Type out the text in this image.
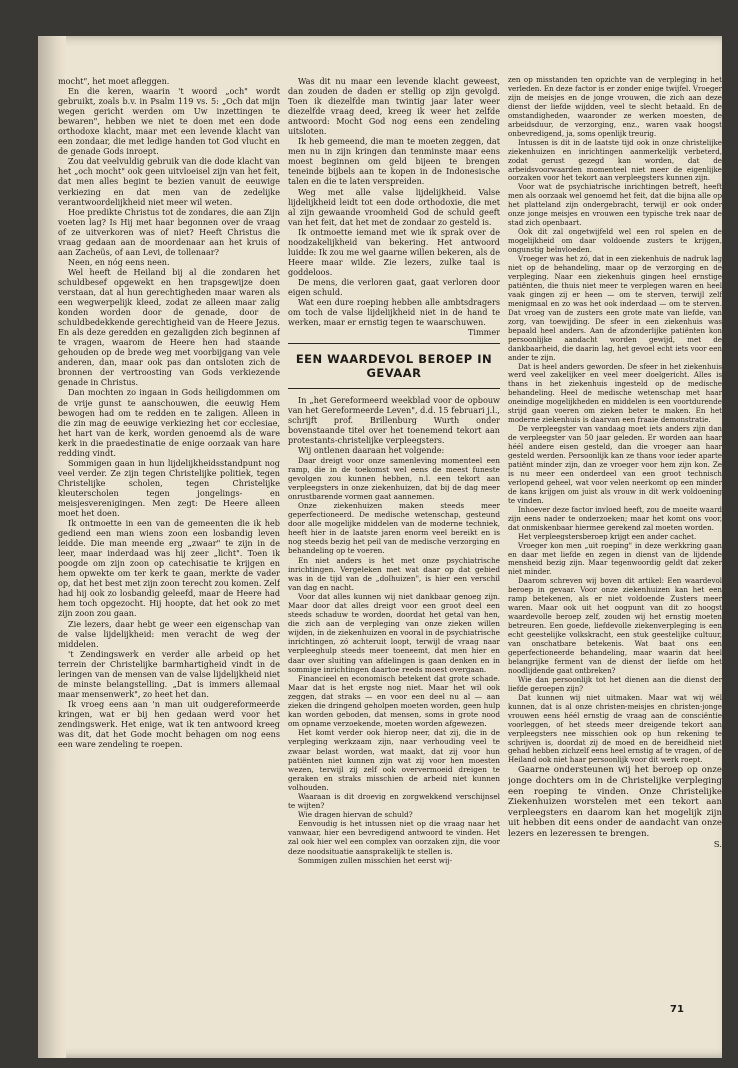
mocht", het moet afleggen.

En die keren, waarin 't woord „och" wordt gebruikt, zoals b.v. in Psalm 119 vs. 5: „Och dat mijn wegen gericht werden om Uw inzettingen te bewaren", hebben we niet te doen met een dode orthodoxe klacht, maar met een levende klacht van een zondaar, die met ledige handen tot God vlucht en de genade Gods inroept.

Zou dat veelvuldig gebruik van die dode klacht van het „och mocht" ook geen uitvloeisel zijn van het feit, dat men alles begint te bezien vanuit de eeuwige verkiezing en dat men van de zedelijke verantwoordelijkheid niet meer wil weten.

Hoe predikte Christus tot de zondares, die aan Zijn voeten lag? Is Hij met haar begonnen over de vraag of ze uitverkoren was of niet? Heeft Christus die vraag gedaan aan de moordenaar aan het kruis of aan Zacheüs, of aan Levi, de tollenaar?

Neen, en nóg eens neen.

Wel heeft de Heiland bij al die zondaren het schuldbesef opgewekt en hen trapsgewijze doen verstaan, dat al hun gerechtigheden maar waren als een wegwerpelijk kleed, zodat ze alleen maar zalig konden worden door de genade, door de schuldbedekkende gerechtigheid van de Heere Jezus. En als deze geredden en gezaligden zich beginnen af te vragen, waarom de Heere hen had staande gehouden op de brede weg met voorbijgang van vele anderen, dan, maar ook pas dan ontsloten zich de bronnen der vertroosting van Gods verkiezende genade in Christus.

Dan mochten zo ingaan in Gods heiligdommen om de vrije gunst te aanschouwen, die eeuwig Hem bewogen had om te redden en te zaligen. Alleen in die zin mag de eeuwige verkiezing het cor ecclesiae, het hart van de kerk, worden genoemd als de ware kerk in die praedestinatie de enige oorzaak van hare redding vindt.

Sommigen gaan in hun lijdelijkheidsstandpunt nog veel verder. Ze zijn tegen Christelijke politiek, tegen Christelijke scholen, tegen Christelijke kleuterscholen tegen jongelings- en meisjesverenigingen. Men zegt: De Heere alleen moet het doen.

Ik ontmoette in een van de gemeenten die ik heb gediend een man wiens zoon een losbandig leven leidde. Die man meende erg „zwaar" te zijn in de leer, maar inderdaad was hij zeer „licht". Toen ik poogde om zijn zoon op catechisatie te krijgen en hem opwekte om ter kerk te gaan, merkte de vader op, dat het best met zijn zoon terecht zou komen. Zelf had hij ook zo losbandig geleefd, maar de Heere had hem toch opgezocht. Hij hoopte, dat het ook zo met zijn zoon zou gaan.

Zie lezers, daar hebt ge weer een eigenschap van de valse lijdelijkheid: men veracht de weg der middelen.

't Zendingswerk en verder alle arbeid op het terrein der Christelijke barmhartigheid vindt in de leringen van de mensen van de valse lijdelijkheid niet de minste belangstelling. „Dat is immers allemaal maar mensenwerk", zo heet het dan.

Ik vroeg eens aan 'n man uit oudgereformeerde kringen, wat er bij hen gedaan werd voor het zendingswerk. Het enige, wat ik ten antwoord kreeg was dit, dat het Gode mocht behagen om nog eens een ware zendeling te roepen.

Was dit nu maar een levende klacht geweest, dan zouden de daden er stellig op zijn gevolgd. Toen ik diezelfde man twintig jaar later weer diezelfde vraag deed, kreeg ik weer het zelfde antwoord: Mocht God nog eens een zendeling uitsloten.

Ik heb gemeend, die man te moeten zeggen, dat men nu in zijn kringen dan tenminste maar eens moest beginnen om geld bijeen te brengen teneinde bijbels aan te kopen in de Indonesische talen en die te laten verspreiden.

Weg met alle valse lijdelijkheid. Valse lijdelijkheid leidt tot een dode orthodoxie, die met al zijn gewaande vroomheid God de schuld geeft van het feit, dat het met de zondaar zo gesteld is.

Ik ontmoette iemand met wie ik sprak over de noodzakelijkheid van bekering. Het antwoord luidde: Ik zou me wel gaarne willen bekeren, als de Heere maar wilde. Zie lezers, zulke taal is goddeloos.

De mens, die verloren gaat, gaat verloren door eigen schuld.

Wat een dure roeping hebben alle ambtsdragers om toch de valse lijdelijkheid niet in de hand te werken, maar er ernstig tegen te waarschuwen.

Timmer

EEN WAARDEVOL BEROEP IN GEVAAR

In „het Gereformeerd weekblad voor de opbouw van het Gereformeerde Leven", d.d. 15 februari j.l., schrijft prof. Brillenburg Wurth onder bovenstaande titel over het toenemend tekort aan protestants-christelijke verpleegsters.

Wij ontlenen daaraan het volgende:

Daar dreigt voor onze samenleving momenteel een ramp, die in de toekomst wel eens de meest funeste gevolgen zou kunnen hebben, n.l. een tekort aan verpleegsters in onze ziekenhuizen, dat bij de dag meer onrustbarende vormen gaat aannemen.

Onze ziekenhuizen maken steeds meer geperfectioneerd. De medische wetenschap, gesteund door alle mogelijke middelen van de moderne techniek, heeft hier in de laatste jaren enorm veel bereikt en is nog steeds bezig het peil van de medische verzorging en behandeling op te voeren.

En niet anders is het met onze psychiatrische inrichtingen. Vergeleken met wat daar op dat gebied was in de tijd van de „dolhuizen", is hier een verschil van dag en nacht.

Voor dat alles kunnen wij niet dankbaar genoeg zijn. Maar door dat alles dreigt voor een groot deel een steeds schaduw te worden, doordat het getal van hen, die zich aan de verpleging van onze zieken willen wijden, in de ziekenhuizen en vooral in de psychiatrische inrichtingen, zó achteruit loopt, terwijl de vraag naar verpleeghulp steeds meer toeneemt, dat men hier en daar over sluiting van afdelingen is gaan denken en in sommige inrichtingen daartoe reeds moest overgaan.

Financieel en economisch betekent dat grote schade. Maar dat is het ergste nog niet. Maar het wil ook zeggen, dat straks — en voor een deel nu al — aan zieken die dringend geholpen moeten worden, geen hulp kan worden geboden, dat mensen, soms in grote nood om opname verzoekende, moeten worden afgewezen.

Het komt verder ook hierop neer, dat zij, die in de verpleging werkzaam zijn, naar verhouding veel te zwaar belast worden, wat maakt, dat zij voor hun patiënten niet kunnen zijn wat zij voor hen moesten wezen, terwijl zij zelf ook oververmoeid dreigen te geraken en straks misschien de arbeid niet kunnen volhouden.

Waaraan is dit droevig en zorgwekkend verschijnsel te wijten?

Wie dragen hiervan de schuld?

Eenvoudig is het intussen niet op die vraag naar het vanwaar, hier een bevredigend antwoord te vinden. Het zal ook hier wel een complex van oorzaken zijn, die voor deze noodsituatie aansprakelijk te stellen is.

Sommigen zullen misschien het eerst wij-

zen op misstanden ten opzichte van de verpleging in het verleden. En deze factor is er zonder enige twijfel. Vroeger zijn de meisjes en de jonge vrouwen, die zich aan deze dienst der liefde wijdden, veel te slecht betaald. En de omstandigheden, waaronder ze werken moesten, de arbeidsduur, de verzorging, enz., waren vaak hoogst onbevredigend, ja, soms openlijk treurig.

Intussen is dit in de laatste tijd ook in onze christelijke ziekenhuizen en inrichtingen aanmerkelijk verbeterd, zodat gerust gezegd kan worden, dat de arbeidsvoorwaarden momenteel niet meer de eigenlijke oorzaken voor het tekort aan verpleegsters kunnen zijn.

Voor wat de psychiatrische inrichtingen betreft, heeft men als oorzaak wel genoemd het feit, dat die bijna alle op het platteland zijn ondergebracht, terwijl er ook onder onze jonge meisjes en vrouwen een typische trek naar de stad zich openbaart.

Ook dit zal ongetwijfeld wel een rol spelen en de mogelijkheid om daar voldoende zusters te krijgen, ongunstig beïnvloeden.

Vroeger was het zó, dat in een ziekenhuis de nadruk lag niet op de behandeling, maar op de verzorging en de verpleging. Naar een ziekenhuis gingen heel ernstige patiënten, die thuis niet meer te verplegen waren en heel vaak gingen zij er heen — om te sterven, terwijl zelf menigmaal en zo was het ook inderdaad — om te sterven. Dat vroeg van de zusters een grote mate van liefde, van zorg, van toewijding. De sfeer in een ziekenhuis was bepaald heel anders. Aan de afzonderlijke patiënten kon persoonlijke aandacht worden gewijd, met de dankbaarheid, die daarin lag, het gevoel echt iets voor een ander te zijn.

Dat is heel anders geworden. De sfeer in het ziekenhuis werd veel zakelijker en veel meer doelgericht. Alles is thans in het ziekenhuis ingesteld op de medische behandeling. Heel de medische wetenschap met haar oneindige mogelijkheden en middelen is een voortdurende strijd gaan voeren om zieken beter te maken. En het moderne ziekenhuis is daarvan een fraaie demonstratie.

De verpleegster van vandaag moet iets anders zijn dan de verpleegster van 50 jaar geleden. Er worden aan haar héél andere eisen gesteld, dan die vroeger aan haar gesteld werden. Persoonlijk kan ze thans voor ieder aparte patiënt minder zijn, dan ze vroeger voor hem zijn kon. Ze is nu meer een onderdeel van een groot technisch verlopend geheel, wat voor velen neerkomt op een minder de kans krijgen om juist als vrouw in dit werk voldoening te vinden.

Inhoever deze factor invloed heeft, zou de moeite waard zijn eens nader te onderzoeken; maar het komt ons voor, dat onmiskenbaar hiermee gerekend zal moeten worden.

Het verpleegstersberoep krijgt een ander cachet.

Vroeger kon men „uit roeping" in deze werkkring gaan en daar met liefde en zegen in dienst van de lijdende mensheid bezig zijn. Maar tegenwoordig geldt dat zeker niet minder.

Daarom schreven wij boven dit artikel: Een waardevol beroep in gevaar. Voor onze ziekenhuizen kan het een ramp betekenen, als er niet voldoende Zusters meer waren. Maar ook uit het oogpunt van dit zo hoogst waardevolle beroep zelf, zouden wij het ernstig moeten betreuren. Een goede, liefdevolle ziekenverpleging is een echt geestelijke volkskracht, een stuk geestelijke cultuur, van onschatbare betekenis. Wat baat ons een geperfectioneerde behandeling, maar waarin dat heel belangrijke ferment van de dienst der liefde om het noodlijdende gaat ontbreken?

Wie dan persoonlijk tot het dienen aan die dienst der liefde geroepen zijn?

Dat kunnen wij niet uitmaken. Maar wat wij wél kunnen, dat is al onze christen-meisjes en christen-jonge vrouwen eens héél ernstig de vraag aan de consciëntie voorleggen, of het steeds meer dreigende tekort aan verpleegsters nee misschien ook op hun rekening te schrijven is, doordat zij de moed en de bereidheid niet gehad hebben zichzelf eens heel ernstig af te vragen, of de Heiland ook niet haar persoonlijk voor dit werk roept.

Gaarne ondersteunen wij het beroep op onze jonge dochters om in de Christelijke verpleging een roeping te vinden. Onze Christelijke Ziekenhuizen worstelen met een tekort aan verpleegsters en daarom kan het mogelijk zijn uit hebben dit eens onder de aandacht van onze lezers en lezeressen te brengen.

S.

71
